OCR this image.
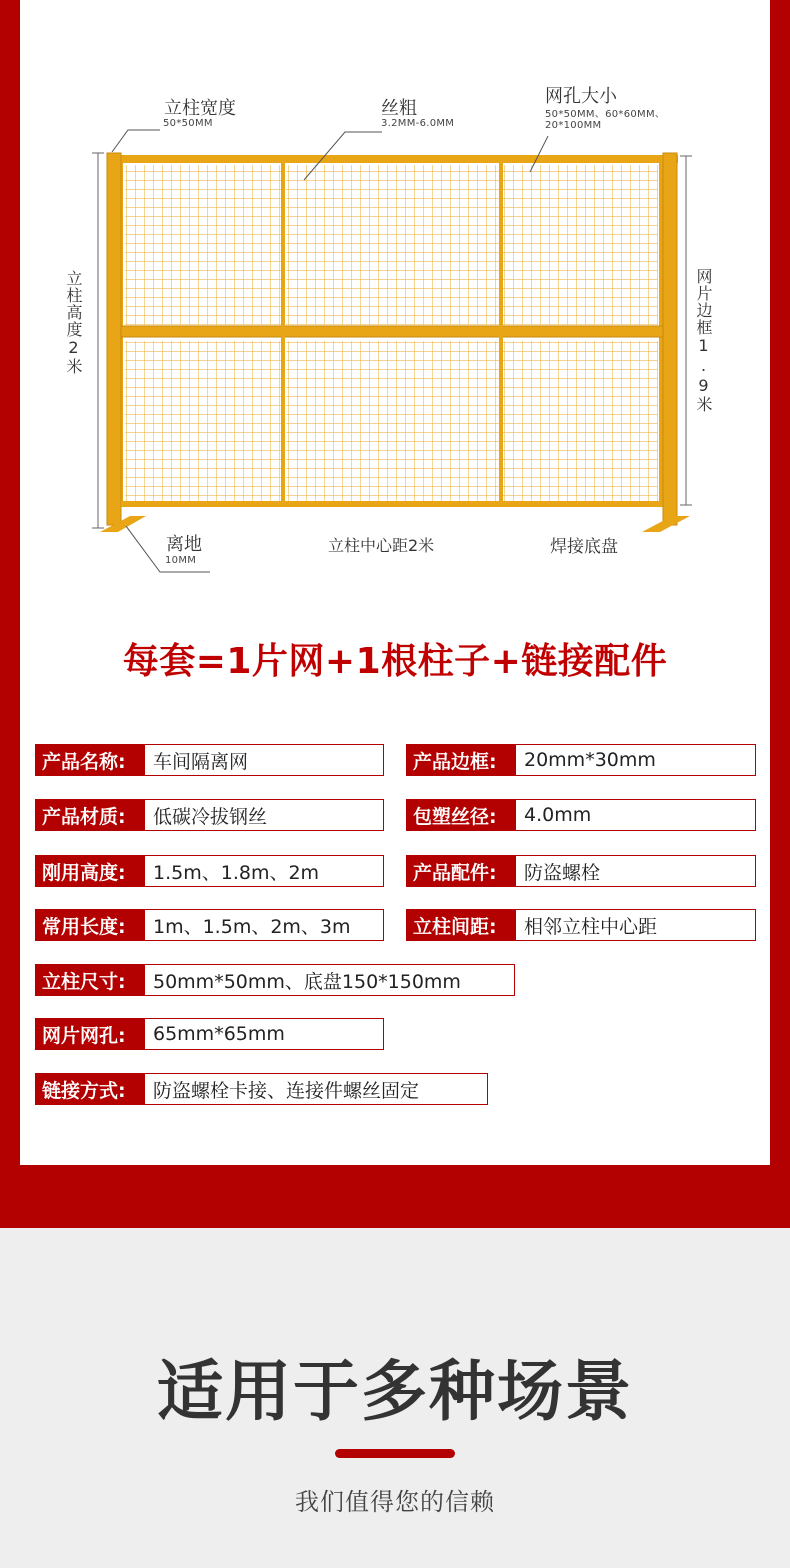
立柱宽度
50*50MM
丝粗
3.2MM-6.0MM
网孔大小
50*50MM、60*60MM、
20*100MM
立柱高度2米	网片边框1.9米
离地
10MM
立柱中心距2米	焊接底盘
每套=1片网+1根柱子+链接配件
产品名称:	车间隔离网	产品边框:	20mm*30mm
产品材质:	低碳冷拔钢丝	包塑丝径:	4.0mm
刚用高度:	1.5m、1.8m、2m	产品配件:	防盗螺栓
常用长度:	1m、1.5m、2m、3m	立柱间距:	相邻立柱中心距
立柱尺寸:	50mm*50mm、底盘150*150mm
网片网孔:	65mm*65mm
链接方式:	防盗螺栓卡接、连接件螺丝固定
适用于多种场景
我们值得您的信赖
